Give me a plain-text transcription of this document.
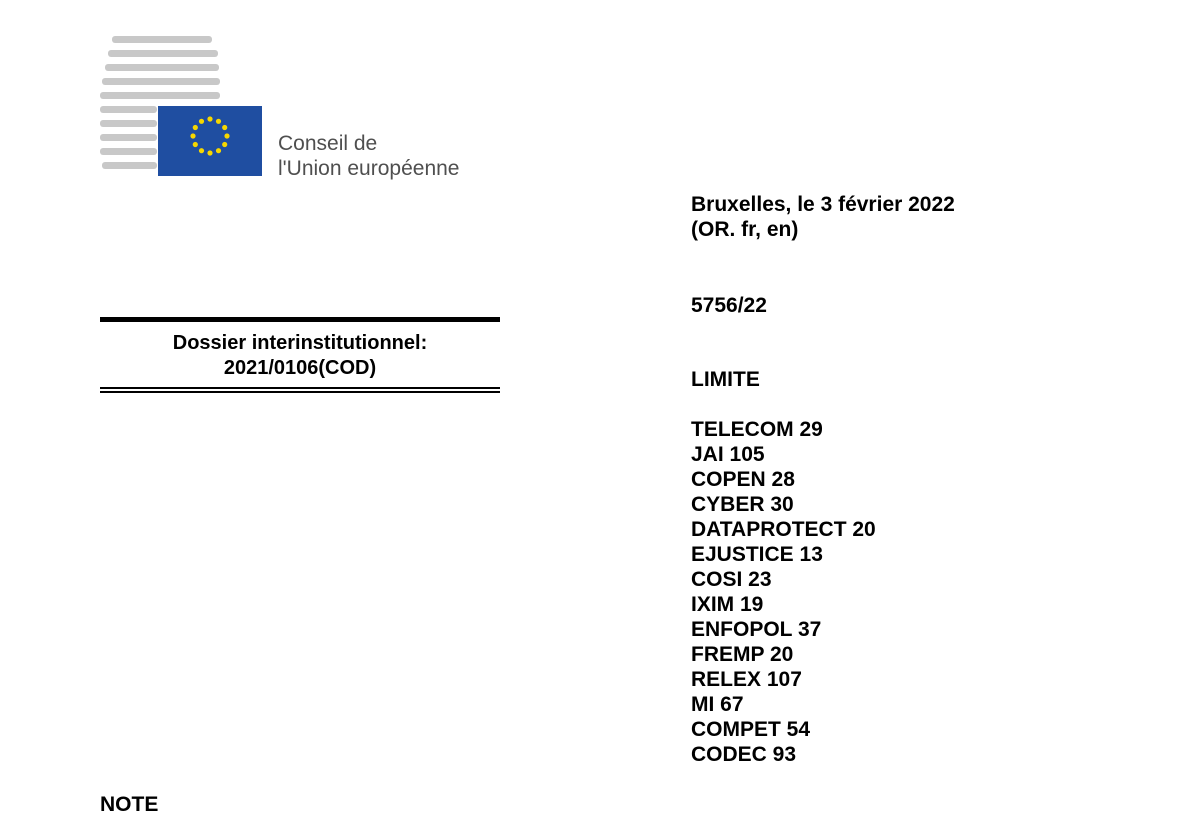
Conseil de
l'Union européenne
Bruxelles, le 3 février 2022
(OR. fr, en)
5756/22
Dossier interinstitutionnel:
2021/0106(COD)	LIMITE
TELECOM 29
JAI 105
COPEN 28
CYBER 30
DATAPROTECT 20
EJUSTICE 13
COSI 23
IXIM 19
ENFOPOL 37
FREMP 20
RELEX 107
MI 67
COMPET 54
CODEC 93
NOTE
